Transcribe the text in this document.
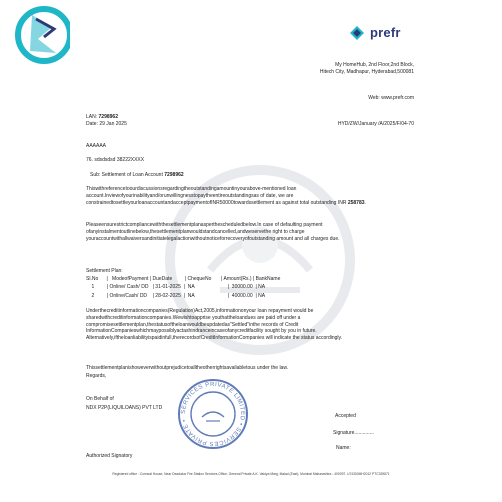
prefr
My HomeHub, 2nd Floor,2nd Block,
Hitech City, Madhapur, Hyderabad,500081
Web: www.prefr.com
LAN: 7298962
Date: 29 Jan 2025	HYD/ZW/January /A/2025/F/04-70
AAAAAA
76. sdsdsdsd 38222XXXX
Sub: Settlement of Loan Account 7298962
Thiswithreferencetoourdiscussionsregardingtheoutstandingamountinyourabove-mentioned loan account.Inviewofyourinabilityand/orunwillingnesstopaytheentireoutstandingsas of date, we are constrainedtosettleyourloanaccountandacceptpaymentofINR50000towardssettlement as against total outstanding INR 258783.
Pleaseensurestrictcompliancewiththesettlementplanasperthescheduledbelow.In case of defaulting payment ofanyinstalmentoutlinebelow,thesettlementplanwouldstandcancelled,andweservethe right to charge youraccountwithallwaiversandinitiatelegalactionwithoutnoticeforrecoveryofoutstanding amount and all charges due.
Settlement Plan:
Sl.No      |   ModeofPayment | DueDate         | ChequeNo       | Amount(Rs.) | BankName
1         | Online/ Cash/ DD   | 31-01-2025  |  NA                        |  30000.00  | NA
2         | Online/Cash/ DD    | 28-02-2025  |  NA                        |  40000.00  | NA
Underthecreditinformationcompanies(Regulation)Act,2005,informationonyour loan repayment would be sharedwithcreditinformationcompanies.Wewishtoapprise youthattheloandues are paid off under a compromisesettlementplan,thestatusoftheloanwouldbeupdatedas"Settled"inthe records of Credit InformationCompanieswhichmaypossiblyactashindranceincaseofanycreditfacility sought by you in future. Alternatively,iftheloanliabilityispaidinfull,therecordsofCreditInformationCompanies will indicate the status accordingly.
Thissettlementplanishoweverwithoutprejudicetoalltheotherrightsavailabletous under the law.
Regards,
On Behalf of
NDX P2P(LIQUILOANS) PVT LTD
SERVICES PRIVATE LIMITED • SERVICES PRIVATE •
Accepted
Signature..............
Name:
Authorized Signatory
Registered office : Cornwal House, Near Deadalus Fire Station Services Office, General Private A.K. Vaidya Marg, Malad (East), Mumbai Maharashtra - 400097. U74300MH2012 PTC339871
